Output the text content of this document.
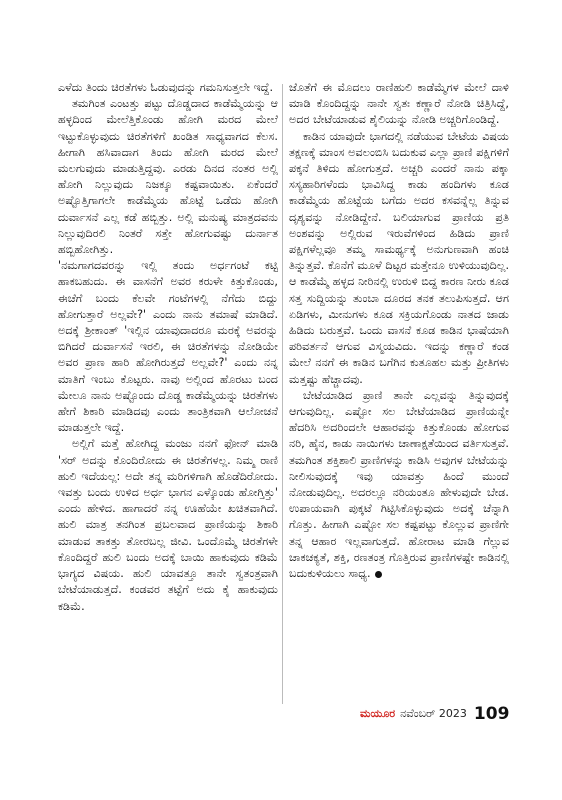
ಎಳೆದು ತಿಂದು ಚಿರತೆಗಳು ಓಡುವುದನ್ನು ಗಮನಿಸುತ್ತಲೇ ಇದ್ದೆ.

ತಮಗಿಂತ ಎಂಟತ್ತು ಪಟ್ಟು ದೊಡ್ಡದಾದ ಕಾಡೆಮ್ಮೆಯನ್ನು ಆ ಹಳ್ಳದಿಂದ ಮೇಲೆತ್ತಿಕೊಂಡು ಹೋಗಿ ಮರದ ಮೇಲೆ ಇಟ್ಟುಕೊಳ್ಳುವುದು ಚಿರತೆಗಳಿಗೆ ಖಂಡಿತ ಸಾಧ್ಯವಾಗದ ಕೆಲಸ. ಹೀಗಾಗಿ ಹಸಿವಾದಾಗ ತಿಂದು ಹೋಗಿ ಮರದ ಮೇಲೆ ಮಲಗುವುದು ಮಾಡುತ್ತಿದ್ದವು. ಎರಡು ದಿನದ ನಂತರ ಅಲ್ಲಿ ಹೋಗಿ ನಿಲ್ಲುವುದು ನಿಜಕ್ಕೂ ಕಷ್ಟವಾಯಿತು. ಏಕೆಂದರೆ ಅಷ್ಟೊತ್ತಿಗಾಗಲೇ ಕಾಡೆಮ್ಮೆಯ ಹೊಟ್ಟೆ ಒಡೆದು ಹೋಗಿ ದುರ್ವಾಸನೆ ಎಲ್ಲ ಕಡೆ ಹಬ್ಬಿತ್ತು. ಅಲ್ಲಿ ಮನುಷ್ಯ ಮಾತ್ರದವನು ನಿಲ್ಲುವುದಿರಲಿ ನಿಂತರೆ ಸತ್ತೇ ಹೋಗುವಷ್ಟು ದುರ್ನಾತ ಹಬ್ಬಿಹೋಗಿತ್ತು.

'ನಮಗಾಗದವರನ್ನು ಇಲ್ಲಿ ತಂದು ಅರ್ಧಗಂಟೆ ಕಟ್ಟಿ ಹಾಕಬಹುದು. ಈ ವಾಸನೆಗೆ ಅವರ ಕರುಳೇ ಕಿತ್ತುಕೊಂಡು, ಈಚೆಗೆ ಬಂದು ಕೆಲವೇ ಗಂಟೆಗಳಲ್ಲಿ ನೆಗೆದು ಬಿದ್ದು ಹೋಗುತ್ತಾರೆ ಅಲ್ಲವೇ?' ಎಂದು ನಾನು ತಮಾಷೆ ಮಾಡಿದೆ. ಅದಕ್ಕೆ ಶ್ರೀಕಾಂತ್ 'ಇಲ್ಲಿನ ಯಾವುದಾದರೂ ಮರಕ್ಕೆ ಅವರನ್ನು ಬಿಗಿದರೆ ದುರ್ವಾಸನೆ ಇರಲಿ, ಈ ಚಿರತೆಗಳನ್ನು ನೋಡಿಯೇ ಅವರ ಪ್ರಾಣ ಹಾರಿ ಹೋಗಿರುತ್ತದೆ ಅಲ್ಲವೇ?' ಎಂದು ನನ್ನ ಮಾತಿಗೆ ಇಂಬು ಕೊಟ್ಟರು. ನಾವು ಅಲ್ಲಿಂದ ಹೊರಟು ಬಂದ ಮೇಲೂ ನಾನು ಅಷ್ಟೊಂದು ದೊಡ್ಡ ಕಾಡೆಮ್ಮೆಯನ್ನು ಚಿರತೆಗಳು ಹೇಗೆ ಶಿಕಾರಿ ಮಾಡಿದವು ಎಂದು ತಾಂತ್ರಿಕವಾಗಿ ಆಲೋಚನೆ ಮಾಡುತ್ತಲೇ ಇದ್ದೆ.

ಅಲ್ಲಿಗೆ ಮತ್ತೆ ಹೋಗಿದ್ದ ಮಂಜು ನನಗೆ ಫೋನ್ ಮಾಡಿ 'ಸರ್ ಅದನ್ನು ಕೊಂದಿರೋದು ಈ ಚಿರತೆಗಳಲ್ಲ. ನಿಮ್ಮ ರಾಣಿ ಹುಲಿ ಇದೆಯಲ್ಲ: ಅದೇ ತನ್ನ ಮರಿಗಳಿಗಾಗಿ ಹೊಡೆದಿರೋದು. ಇವತ್ತು ಬಂದು ಉಳಿದ ಅರ್ಧ ಭಾಗನ ಎಳ್ಕೊಂಡು ಹೋಗ್ತಿತ್ತು' ಎಂದು ಹೇಳಿದ. ಹಾಗಾದರೆ ನನ್ನ ಊಹೆಯೇ ಖಚಿತವಾಗಿದೆ. ಹುಲಿ ಮಾತ್ರ ತನಗಿಂತ ಪ್ರಬಲವಾದ ಪ್ರಾಣಿಯನ್ನು ಶಿಕಾರಿ ಮಾಡುವ ತಾಕತ್ತು ತೋರಬಲ್ಲ ಜೀವಿ. ಒಂದೊಮ್ಮೆ ಚಿರತೆಗಳೇ ಕೊಂದಿದ್ದರೆ ಹುಲಿ ಬಂದು ಅದಕ್ಕೆ ಬಾಯಿ ಹಾಕುವುದು ಕಡಿಮೆ ಭಾಗ್ಯದ ವಿಷಯ. ಹುಲಿ ಯಾವತ್ತೂ ತಾನೇ ಸ್ವತಂತ್ರವಾಗಿ ಬೇಟೆಯಾಡುತ್ತದೆ. ಕಂಡವರ ತಟ್ಟೆಗೆ ಅದು ಕೈ ಹಾಕುವುದು ಕಡಿಮೆ.

ಜೊತೆಗೆ ಈ ಮೊದಲು ರಾಣಿಹುಲಿ ಕಾಡೆಮ್ಮೆಗಳ ಮೇಲೆ ದಾಳಿ ಮಾಡಿ ಕೊಂದಿದ್ದನ್ನು ನಾನೇ ಸ್ವತಃ ಕಣ್ಣಾರೆ ನೋಡಿ ಚಿತ್ರಿಸಿದ್ದೆ, ಅದರ ಬೇಟೆಯಾಡುವ ಶೈಲಿಯನ್ನು ನೋಡಿ ಅಚ್ಚರಿಗೊಂಡಿದ್ದೆ.

ಕಾಡಿನ ಯಾವುದೇ ಭಾಗದಲ್ಲಿ ನಡೆಯುವ ಬೇಟೆಯ ವಿಷಯ ತಕ್ಷಣಕ್ಕೆ ಮಾಂಸ ಅವಲಂಬಿಸಿ ಬದುಕುವ ಎಲ್ಲಾ ಪ್ರಾಣಿ ಪಕ್ಷಿಗಳಿಗೆ ಪಕ್ಕನೆ ತಿಳಿದು ಹೋಗುತ್ತದೆ. ಅಚ್ಚರಿ ಎಂದರೆ ನಾನು ಪಕ್ಕಾ ಸಸ್ಯಹಾರಿಗಳೆಂದು ಭಾವಿಸಿದ್ದ ಕಾಡು ಹಂದಿಗಳು ಕೂಡ ಕಾಡೆಮ್ಮೆಯ ಹೊಟ್ಟೆಯ ಬಗೆದು ಅದರ ಕಸವನ್ನೆಲ್ಲ ತಿನ್ನುವ ದೃಶ್ಯವನ್ನು ನೋಡಿದ್ದೇನೆ. ಬಲಿಯಾಗುವ ಪ್ರಾಣಿಯ ಪ್ರತಿ ಅಂಶವನ್ನು ಅಲ್ಲಿರುವ ಇರುವೆಗಳಿಂದ ಹಿಡಿದು ಪ್ರಾಣಿ ಪಕ್ಷಿಗಳೆಲ್ಲವೂ ತಮ್ಮ ಸಾಮರ್ಥ್ಯಕ್ಕೆ ಅನುಗುಣವಾಗಿ ಹಂಚಿ ತಿನ್ನುತ್ತವೆ. ಕೊನೆಗೆ ಮೂಳೆ ದಿಟ್ಟರ ಮತ್ತೇನೂ ಉಳಿಯುವುದಿಲ್ಲ. ಆ ಕಾಡೆಮ್ಮೆ ಹಳ್ಳದ ನೀರಿನಲ್ಲಿ ಉರುಳಿ ಬಿದ್ದ ಕಾರಣ ನೀರು ಕೂಡ ಸತ್ತ ಸುದ್ದಿಯನ್ನು ತುಂಬಾ ದೂರದ ತನಕ ತಲುಪಿಸುತ್ತದೆ. ಆಗ ಏಡಿಗಳು, ಮೀನುಗಳು ಕೂಡ ಸಕ್ರಿಯಗೊಂಡು ನಾತದ ಜಾಡು ಹಿಡಿದು ಬರುತ್ತವೆ. ಒಂದು ವಾಸನೆ ಕೂಡ ಕಾಡಿನ ಭಾಷೆಯಾಗಿ ಪರಿವರ್ತನೆ ಆಗುವ ವಿಸ್ಮಯವಿದು. ಇದನ್ನು ಕಣ್ಣಾರೆ ಕಂಡ ಮೇಲೆ ನನಗೆ ಈ ಕಾಡಿನ ಬಗೆಗಿನ ಕುತೂಹಲ ಮತ್ತು ಪ್ರೀತಿಗಳು ಮತ್ತಷ್ಟು ಹೆಚ್ಚಾದವು.

ಬೇಟೆಯಾಡಿದ ಪ್ರಾಣಿ ತಾನೇ ಎಲ್ಲವನ್ನು ತಿನ್ನುವುದಕ್ಕೆ ಆಗುವುದಿಲ್ಲ. ಎಷ್ಟೋ ಸಲ ಬೇಟೆಯಾಡಿದ ಪ್ರಾಣಿಯನ್ನೇ ಹೆದರಿಸಿ ಅದರಿಂದಲೇ ಆಹಾರವನ್ನು ಕಿತ್ತುಕೊಂಡು ಹೋಗುವ ನರಿ, ಹೈನ, ಕಾಡು ನಾಯಿಗಳು ಚಾಣಾಕ್ಷತೆಯಿಂದ ವರ್ತಿಸುತ್ತವೆ. ತಮಗಿಂತ ಶಕ್ತಿಶಾಲಿ ಪ್ರಾಣಿಗಳನ್ನು ಕಾಡಿಸಿ ಅವುಗಳ ಬೇಟೆಯನ್ನು ನೀಲಿಸುವುದಕ್ಕೆ ಇವು ಯಾವತ್ತು ಹಿಂದೆ ಮುಂದೆ ನೋಡುವುದಿಲ್ಲ. ಅದರಲ್ಲೂ ನರಿಯಂತೂ ಹೇಳುವುದೇ ಬೇಡ. ಉಪಾಯವಾಗಿ ಪುಕ್ಕಟೆ ಗಿಟ್ಟಿಸಿಕೊಳ್ಳುವುದು ಅದಕ್ಕೆ ಚೆನ್ನಾಗಿ ಗೊತ್ತು. ಹೀಗಾಗಿ ಎಷ್ಟೋ ಸಲ ಕಷ್ಟಪಟ್ಟು ಕೊಲ್ಲುವ ಪ್ರಾಣಿಗೇ ತನ್ನ ಆಹಾರ ಇಲ್ಲವಾಗುತ್ತದೆ. ಹೋರಾಟ ಮಾಡಿ ಗೆಲ್ಲುವ ಚಾಕಚಕ್ಯತೆ, ಶಕ್ತಿ, ರಣತಂತ್ರ ಗೊತ್ತಿರುವ ಪ್ರಾಣಿಗಳಷ್ಟೇ ಕಾಡಿನಲ್ಲಿ ಬದುಕುಳಿಯಲು ಸಾಧ್ಯ.

ಮಯೂರ ನವೆಂಬರ್ 2023 109
